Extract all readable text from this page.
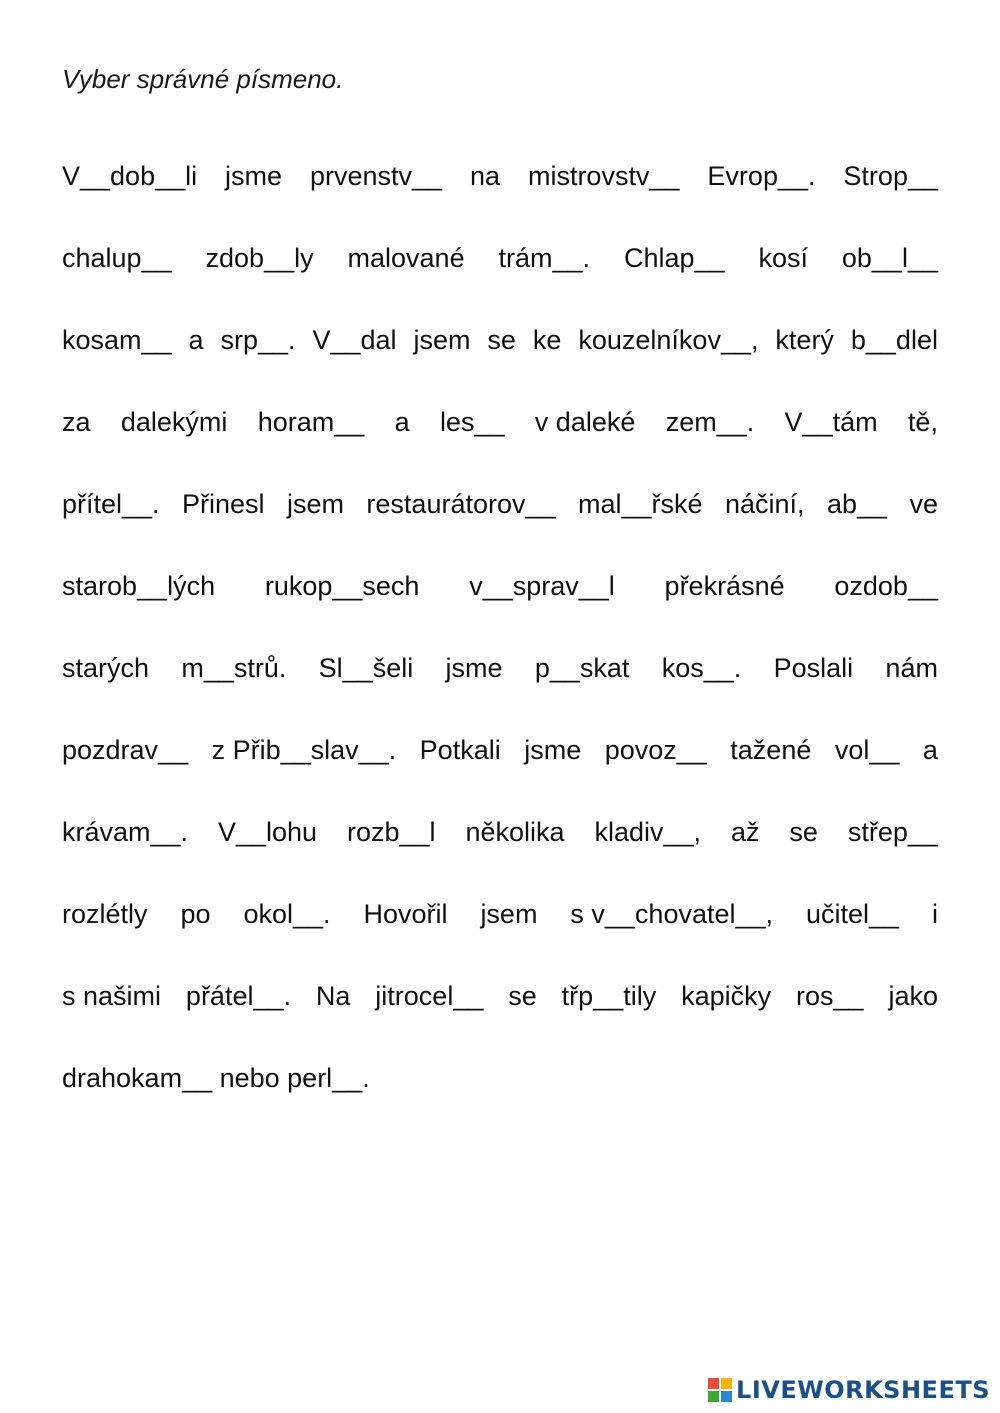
Vyber správné písmeno.
V__dob__li jsme prvenstv__ na mistrovstv__ Evrop__. Strop__
chalup__ zdob__ly malované trám__. Chlap__ kosí ob__l__
kosam__ a srp__. V__dal jsem se ke kouzelníkov__, který b__dlel
za dalekými horam__ a les__ v daleké zem__. V__tám tě,
přítel__. Přinesl jsem restaurátorov__ mal__řské náčiní, ab__ ve
starob__lých rukop__sech v__sprav__l překrásné ozdob__
starých m__strů. Sl__šeli jsme p__skat kos__. Poslali nám
pozdrav__ z Přib__slav__. Potkali jsme povoz__ tažené vol__ a
krávam__. V__lohu rozb__l několika kladiv__, až se střep__
rozlétly po okol__. Hovořil jsem s v__chovatel__, učitel__ i
s našimi přátel__. Na jitrocel__ se třp__tily kapičky ros__ jako
drahokam__ nebo perl__.
LIVEWORKSHEETS
